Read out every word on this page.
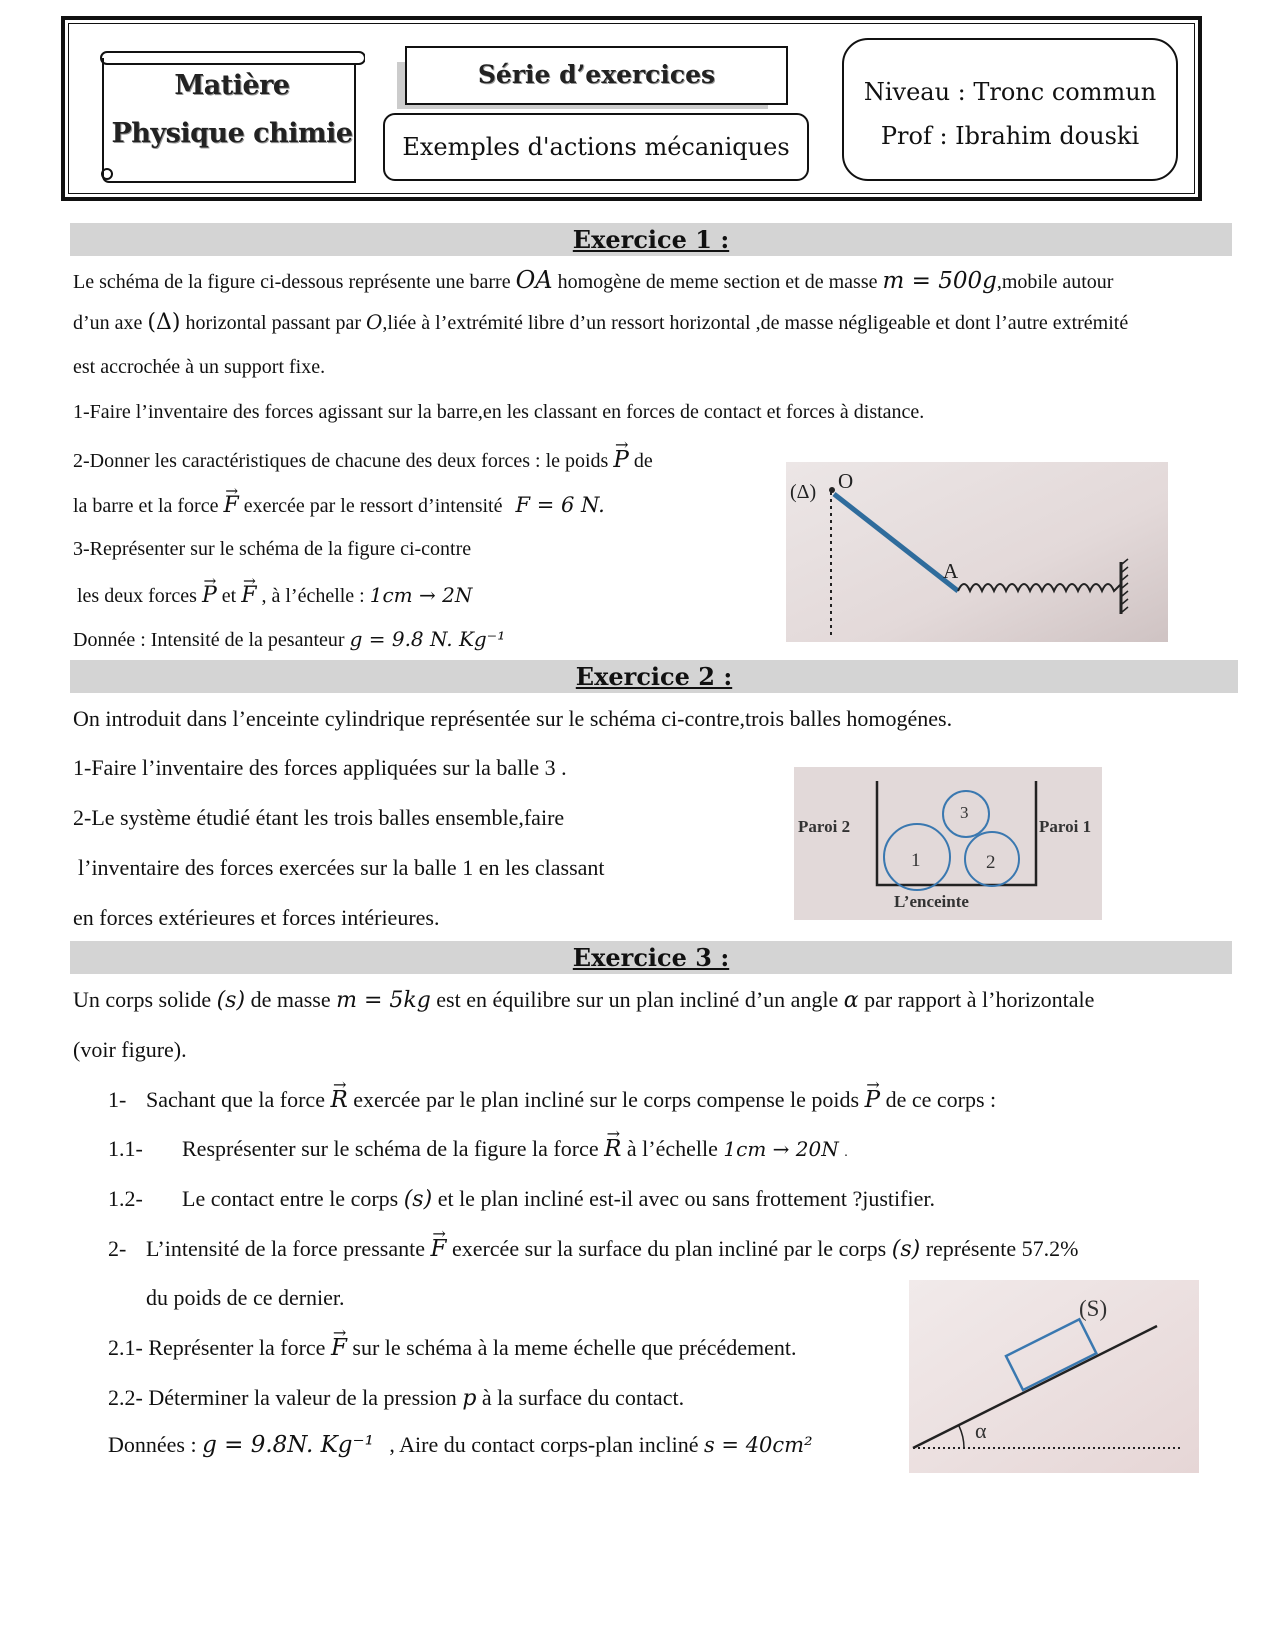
Matière
Physique chimie
Série d’exercices
Exemples d'actions mécaniques
Niveau : Tronc commun
Prof : Ibrahim douski
Exercice 1 :
Le schéma de la figure ci-dessous représente une barre OA homogène de meme section et de masse m = 500g,mobile autour
d’un axe (Δ) horizontal passant par O,liée à l’extrémité libre d’un ressort horizontal ,de masse négligeable et dont l’autre extrémité
est accrochée à un support fixe.
1-Faire l’inventaire des forces agissant sur la barre,en les classant en forces de contact et forces à distance.
2-Donner les caractéristiques de chacune des deux forces : le poids → P de
la barre et la force → F exercée par le ressort d’intensité F = 6 N.
3-Représenter sur le schéma de la figure ci-contre
les deux forces → P et → F , à l’échelle : 1cm → 2N
Donnée : Intensité de la pesanteur g = 9.8 N. Kg⁻¹
(Δ) O
A
Exercice 2 :
On introduit dans l’enceinte cylindrique représentée sur le schéma ci-contre,trois balles homogénes.
1-Faire l’inventaire des forces appliquées sur la balle 3 .
2-Le système étudié étant les trois balles ensemble,faire
l’inventaire des forces exercées sur la balle 1 en les classant
en forces extérieures et forces intérieures.
1	2
3
Paroi 2	Paroi 1
L’enceinte
Exercice 3 :
Un corps solide (s) de masse m = 5kg est en équilibre sur un plan incliné d’un angle α par rapport à l’horizontale
(voir figure).
1- Sachant que la force → R exercée par le plan incliné sur le corps compense le poids → P de ce corps :
1.1- Resprésenter sur le schéma de la figure la force → R à l’échelle 1cm → 20N .
1.2- Le contact entre le corps (s) et le plan incliné est-il avec ou sans frottement ?justifier.
2- L’intensité de la force pressante → F exercée sur la surface du plan incliné par le corps (s) représente 57.2%
du poids de ce dernier.
2.1- Représenter la force → F sur le schéma à la meme échelle que précédement.
2.2- Déterminer la valeur de la pression p à la surface du contact.
Données : g = 9.8N. Kg⁻¹ , Aire du contact corps-plan incliné s = 40cm²
(S)
α
